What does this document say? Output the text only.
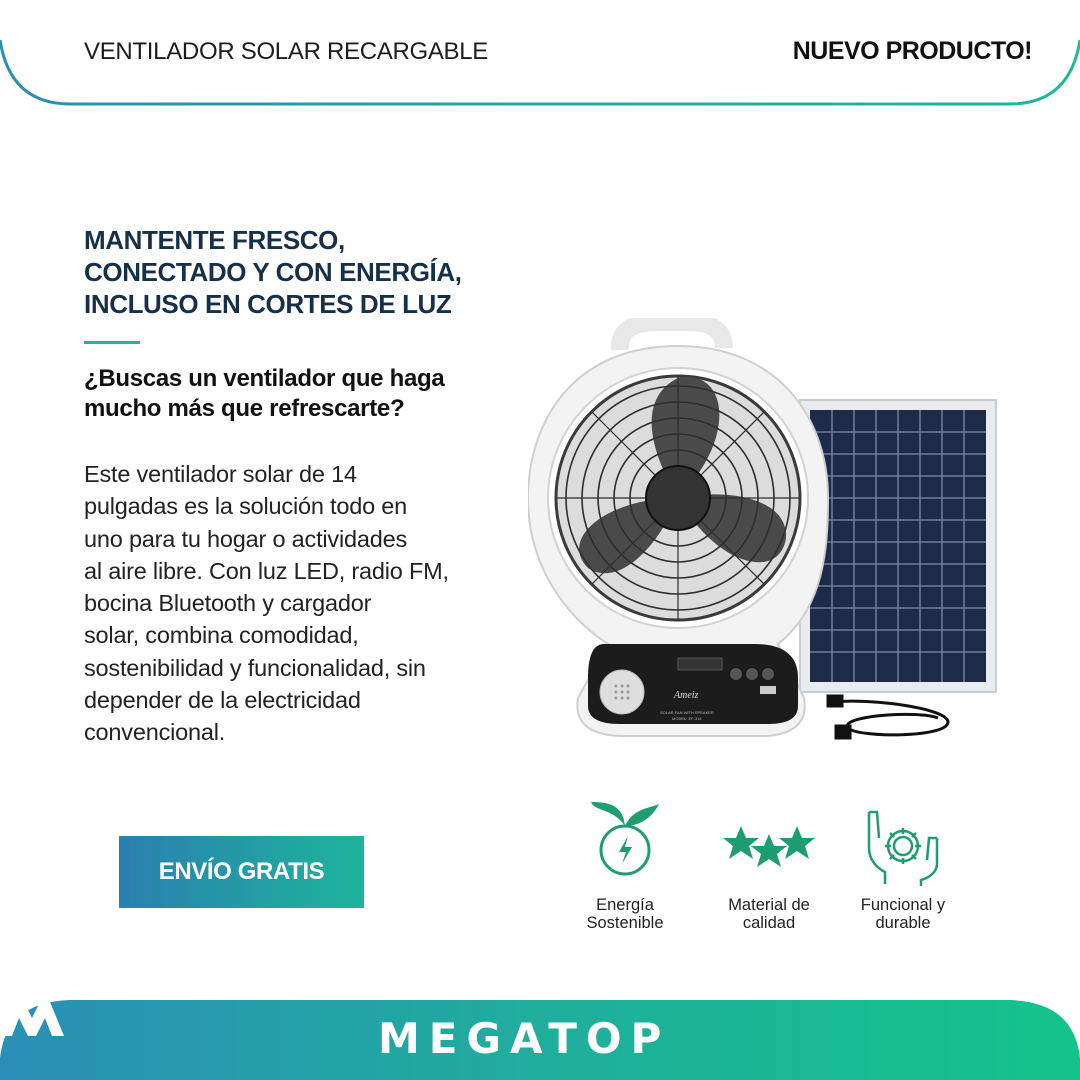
VENTILADOR SOLAR RECARGABLE	NUEVO PRODUCTO!
MANTENTE FRESCO,
CONECTADO Y CON ENERGÍA,
INCLUSO EN CORTES DE LUZ
¿Buscas un ventilador que haga
mucho más que refrescarte?
Este ventilador solar de 14
pulgadas es la solución todo en
uno para tu hogar o actividades
al aire libre. Con luz LED, radio FM,
bocina Bluetooth y cargador
solar, combina comodidad,
sostenibilidad y funcionalidad, sin
depender de la electricidad
convencional.
ENVÍO GRATIS
Ameiz
SOLAR FAN WITH SPEAKER
MODEL: EF-314
Energía
Sostenible
Material de
calidad
Funcional y
durable
MEGATOP
